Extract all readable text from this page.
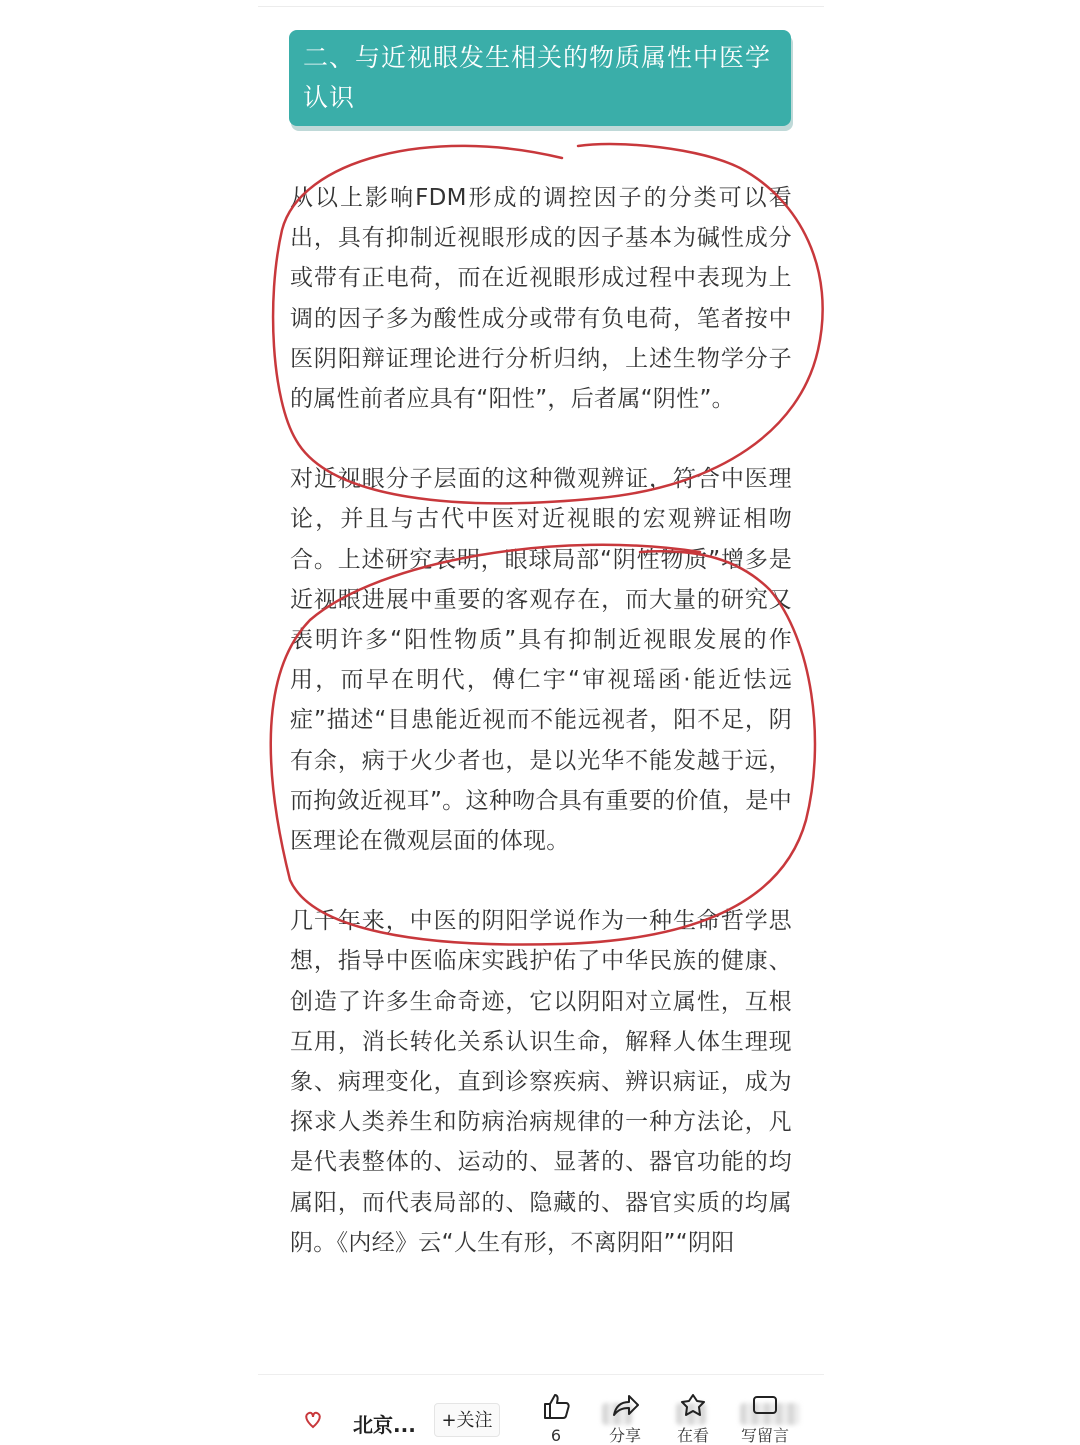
二、与近视眼发生相关的物质属性中医学认识

从以上影响FDM形成的调控因子的分类可以看出，具有抑制近视眼形成的因子基本为碱性成分或带有正电荷，而在近视眼形成过程中表现为上调的因子多为酸性成分或带有负电荷，笔者按中医阴阳辩证理论进行分析归纳，上述生物学分子的属性前者应具有“阳性”，后者属“阴性”。

对近视眼分子层面的这种微观辨证，符合中医理论，并且与古代中医对近视眼的宏观辨证相吻合。上述研究表明，眼球局部“阴性物质”增多是近视眼进展中重要的客观存在，而大量的研究又表明许多“阳性物质”具有抑制近视眼发展的作用，而早在明代，傅仁宇“审视瑶函·能近怯远症”描述“目患能近视而不能远视者，阳不足，阴有余，病于火少者也，是以光华不能发越于远，而拘敛近视耳”。这种吻合具有重要的价值，是中医理论在微观层面的体现。

几千年来，中医的阴阳学说作为一种生命哲学思想，指导中医临床实践护佑了中华民族的健康、创造了许多生命奇迹，它以阴阳对立属性，互根互用，消长转化关系认识生命，解释人体生理现象、病理变化，直到诊察疾病、辨识病证，成为探求人类养生和防病治病规律的一种方法论，凡是代表整体的、运动的、显著的、器官功能的均属阳，而代表局部的、隐藏的、器官实质的均属阴。《内经》云“人生有形，不离阴阳”“阴阳

北京...	+关注
6	分享	在看	写留言
